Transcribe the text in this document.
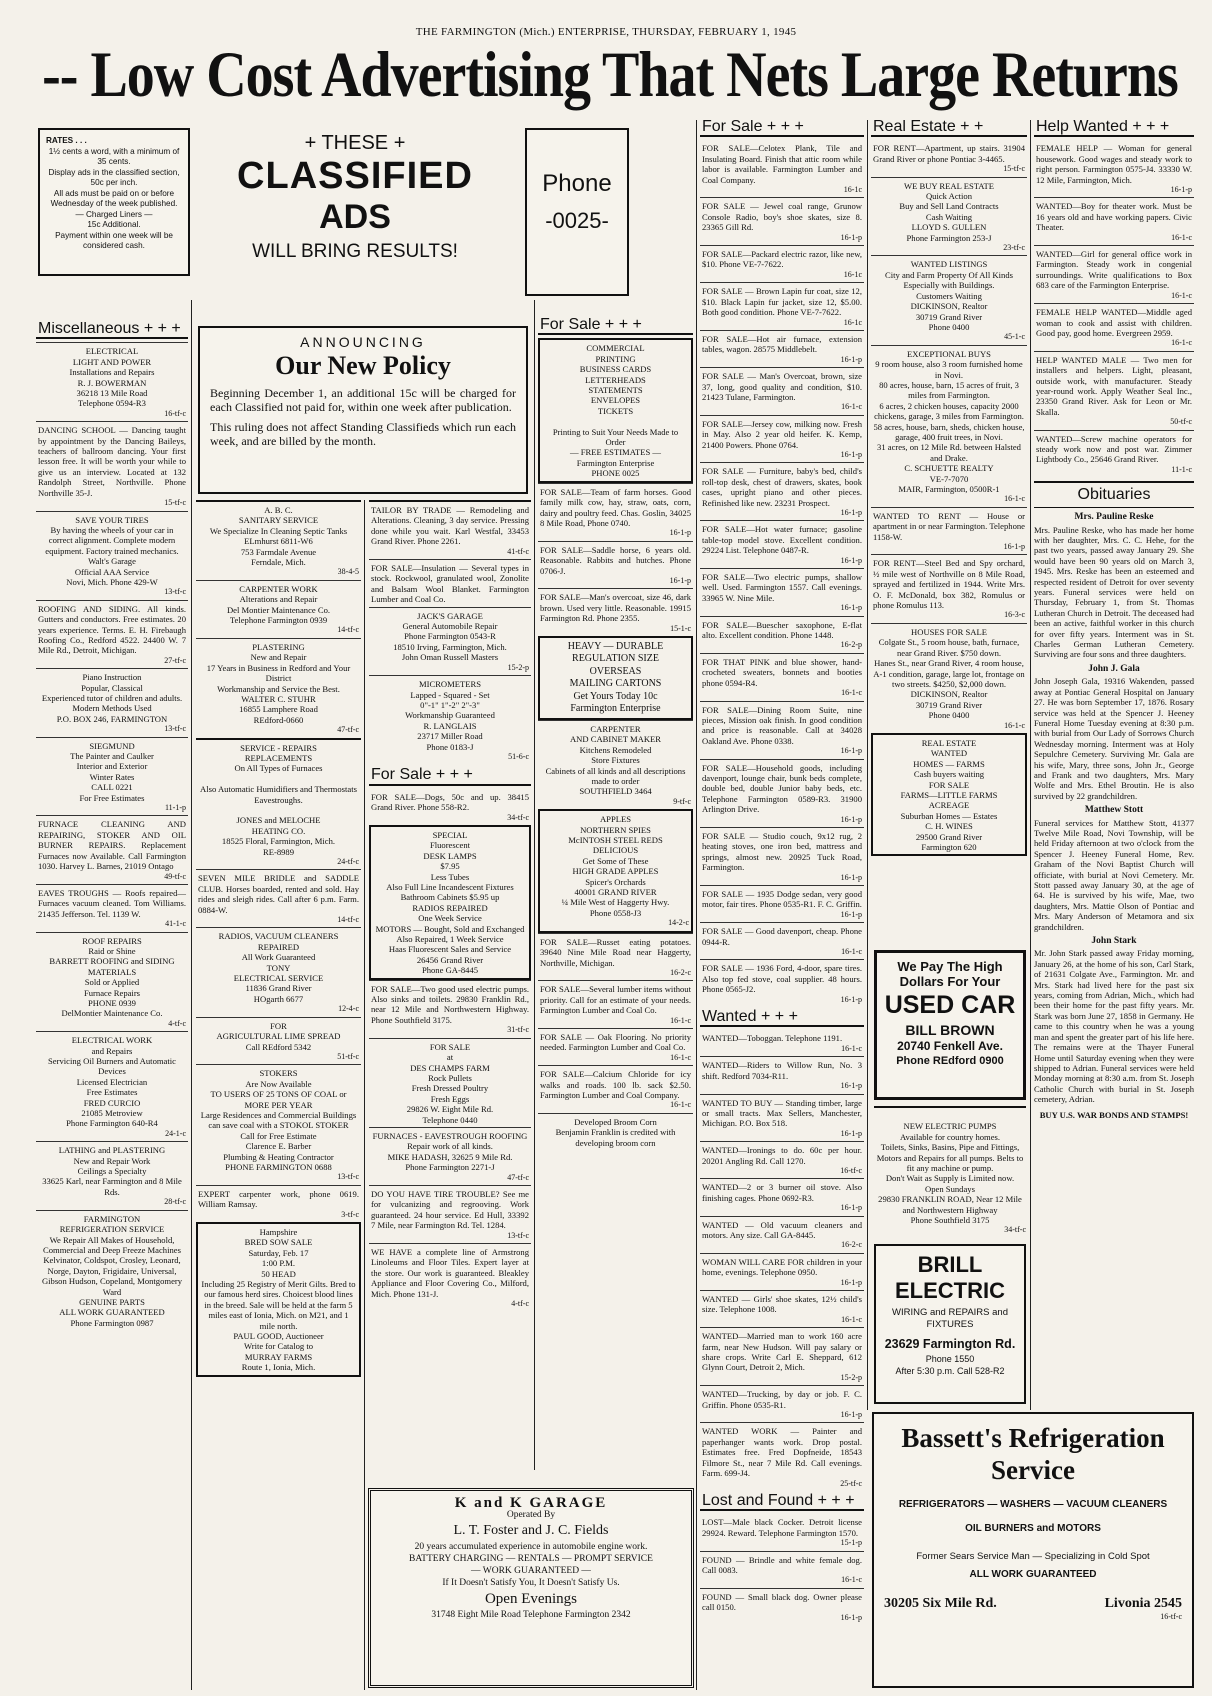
THE FARMINGTON (Mich.) ENTERPRISE, THURSDAY, FEBRUARY 1, 1945
-- Low Cost Advertising That Nets Large Returns
RATES . . .
1½ cents a word, with a minimum of 35 cents.
Display ads in the classified section, 50c per inch.
All ads must be paid on or before Wednesday of the week published.
— Charged Liners —
15c Additional.
Payment within one week will be considered cash.
+ THESE +
CLASSIFIED
ADS
WILL BRING RESULTS!
Phone
-0025-
Miscellaneous + + +
ELECTRICAL
LIGHT AND POWER
Installations and Repairs
R. J. BOWERMAN
36218 13 Mile Road
Telephone 0594-R3
16-tf-c
DANCING SCHOOL — Dancing taught by appointment by the Dancing Baileys, teachers of ballroom dancing. Your first lesson free. It will be worth your while to give us an interview. Located at 132 Randolph Street, Northville. Phone Northville 35-J.
15-tf-c
SAVE YOUR TIRES
By having the wheels of your car in correct alignment. Complete modern equipment. Factory trained mechanics.
Walt's Garage
Official AAA Service
Novi, Mich. Phone 429-W
13-tf-c
ROOFING AND SIDING. All kinds. Gutters and conductors. Free estimates. 20 years experience. Terms. E. H. Firebaugh Roofing Co., Redford 4522. 24400 W. 7 Mile Rd., Detroit, Michigan.
27-tf-c
Piano Instruction
Popular, Classical
Experienced tutor of children and adults.
Modern Methods Used
P.O. BOX 246, FARMINGTON
13-tf-c
SIEGMUND
The Painter and Caulker
Interior and Exterior
Winter Rates
CALL 0221
For Free Estimates
11-1-p
FURNACE CLEANING AND REPAIRING, STOKER AND OIL BURNER REPAIRS. Replacement Furnaces now Available. Call Farmington 1030. Harvey L. Barnes, 21019 Ontago
49-tf-c
EAVES TROUGHS — Roofs repaired—Furnaces vacuum cleaned. Tom Williams. 21435 Jefferson. Tel. 1139 W.
41-1-c
ROOF REPAIRS
Raid or Shine
BARRETT ROOFING and SIDING MATERIALS
Sold or Applied
Furnace Repairs
PHONE 0939
DelMontier Maintenance Co.
4-tf-c
ELECTRICAL WORK
and Repairs
Servicing Oil Burners and Automatic Devices
Licensed Electrician
Free Estimates
FRED CURCIO
21085 Metroview
Phone Farmington 640-R4
24-1-c
LATHING and PLASTERING
New and Repair Work
Ceilings a Specialty
33625 Karl, near Farmington and 8 Mile Rds.
28-tf-c
FARMINGTON
REFRIGERATION SERVICE
We Repair All Makes of Household, Commercial and Deep Freeze Machines
Kelvinator, Coldspot, Crosley, Leonard, Norge, Dayton, Frigidaire, Universal, Gibson Hudson, Copeland, Montgomery Ward
GENUINE PARTS
ALL WORK GUARANTEED
Phone Farmington 0987
ANNOUNCING
Our New Policy
Beginning December 1, an additional 15c will be charged for each Classified not paid for, within one week after publication.
This ruling does not affect Standing Classifieds which run each week, and are billed by the month.
A. B. C.
SANITARY SERVICE
We Specialize In Cleaning Septic Tanks
ELmhurst 6811-W6
753 Farmdale Avenue
Ferndale, Mich.
38-4-5
CARPENTER WORK
Alterations and Repair
Del Montier Maintenance Co.
Telephone Farmington 0939
14-tf-c
PLASTERING
New and Repair
17 Years in Business in Redford and Your District
Workmanship and Service the Best.
WALTER C. STUHR
16855 Lamphere Road
REdford-0660
47-tf-c
SERVICE - REPAIRS
REPLACEMENTS
On All Types of Furnaces

Also Automatic Humidifiers and Thermostats
Eavestroughs.

JONES and MELOCHE
HEATING CO.
18525 Floral, Farmington, Mich.
RE-8989
24-tf-c
SEVEN MILE BRIDLE and SADDLE CLUB. Horses boarded, rented and sold. Hay rides and sleigh rides. Call after 6 p.m. Farm. 0884-W.
14-tf-c
RADIOS, VACUUM CLEANERS REPAIRED
All Work Guaranteed
TONY
ELECTRICAL SERVICE
11836 Grand River
HOgarth 6677
12-4-c
FOR
AGRICULTURAL LIME SPREAD
Call REdford 5342
51-tf-c
STOKERS
Are Now Available
TO USERS OF 25 TONS OF COAL or MORE PER YEAR
Large Residences and Commercial Buildings can save coal with a STOKOL STOKER
Call for Free Estimate
Clarence E. Barber
Plumbing & Heating Contractor
PHONE FARMINGTON 0688
13-tf-c
EXPERT carpenter work, phone 0619. William Ramsay.
3-tf-c
Hampshire
BRED SOW SALE
Saturday, Feb. 17
1:00 P.M.
50 HEAD
Including 25 Registry of Merit Gilts. Bred to our famous herd sires. Choicest blood lines in the breed. Sale will be held at the farm 5 miles east of Ionia, Mich. on M21, and 1 mile north.
PAUL GOOD, Auctioneer
Write for Catalog to
MURRAY FARMS
Route 1, Ionia, Mich.
TAILOR BY TRADE — Remodeling and Alterations. Cleaning, 3 day service. Pressing done while you wait. Karl Westfal, 33453 Grand River. Phone 2261.
41-tf-c
FOR SALE—Insulation — Several types in stock. Rockwool, granulated wool, Zonolite and Balsam Wool Blanket. Farmington Lumber and Coal Co.
JACK'S GARAGE
General Automobile Repair
Phone Farmington 0543-R
18510 Irving, Farmington, Mich.
John Oman Russell Masters
15-2-p
MICROMETERS
Lapped - Squared - Set
0"-1" 1"-2" 2"-3"
Workmanship Guaranteed
R. LANGLAIS
23717 Miller Road
Phone 0183-J
51-6-c
For Sale + + +
FOR SALE—Dogs, 50c and up. 38415 Grand River. Phone 558-R2.
34-tf-c
SPECIAL
Fluorescent
DESK LAMPS
$7.95
Less Tubes
Also Full Line Incandescent Fixtures
Bathroom Cabinets $5.95 up
RADIOS REPAIRED
One Week Service
MOTORS — Bought, Sold and Exchanged
Also Repaired, 1 Week Service
Haas Fluorescent Sales and Service
26456 Grand River
Phone GA-8445
FOR SALE—Two good used electric pumps. Also sinks and toilets. 29830 Franklin Rd., near 12 Mile and Northwestern Highway. Phone Southfield 3175.
31-tf-c
FOR SALE
at
DES CHAMPS FARM
Rock Pullets
Fresh Dressed Poultry
Fresh Eggs
29826 W. Eight Mile Rd.
Telephone 0440
FURNACES - EAVESTROUGH ROOFING
Repair work of all kinds.
MIKE HADASH, 32625 9 Mile Rd.
Phone Farmington 2271-J
47-tf-c
DO YOU HAVE TIRE TROUBLE? See me for vulcanizing and regrooving. Work guaranteed. 24 hour service. Ed Hull, 33392 7 Mile, near Farmington Rd. Tel. 1284.
13-tf-c
WE HAVE a complete line of Armstrong Linoleums and Floor Tiles. Expert layer at the store. Our work is guaranteed. Bleakley Appliance and Floor Covering Co., Milford, Mich. Phone 131-J.
4-tf-c
For Sale + + +
COMMERCIAL
PRINTING
BUSINESS CARDS
LETTERHEADS
STATEMENTS
ENVELOPES
TICKETS

Printing to Suit Your Needs Made to Order
— FREE ESTIMATES —
Farmington Enterprise
PHONE 0025
FOR SALE—Team of farm horses. Good family milk cow, hay, straw, oats, corn, dairy and poultry feed. Chas. Goslin, 34025 8 Mile Road, Phone 0740.
16-1-p
FOR SALE—Saddle horse, 6 years old. Reasonable. Rabbits and hutches. Phone 0706-J.
16-1-p
FOR SALE—Man's overcoat, size 46, dark brown. Used very little. Reasonable. 19915 Farmington Rd. Phone 2355.
15-1-c
HEAVY — DURABLE
REGULATION SIZE
OVERSEAS
MAILING CARTONS
Get Yours Today 10c
Farmington Enterprise
CARPENTER
AND CABINET MAKER
Kitchens Remodeled
Store Fixtures
Cabinets of all kinds and all descriptions made to order
SOUTHFIELD 3464
9-tf-c
APPLES
NORTHERN SPIES
McINTOSH STEEL REDS
DELICIOUS
Get Some of These
HIGH GRADE APPLES
Spicer's Orchards
40001 GRAND RIVER
¼ Mile West of Haggerty Hwy.
Phone 0558-J3
14-2-c
FOR SALE—Russet eating potatoes. 39640 Nine Mile Road near Haggerty, Northville, Michigan.
16-2-c
FOR SALE—Several lumber items without priority. Call for an estimate of your needs. Farmington Lumber and Coal Co.
16-1-c
FOR SALE — Oak Flooring. No priority needed. Farmington Lumber and Coal Co.
16-1-c
FOR SALE—Calcium Chloride for icy walks and roads. 100 lb. sack $2.50. Farmington Lumber and Coal Company.
16-1-c
Developed Broom Corn
Benjamin Franklin is credited with developing broom corn
K and K GARAGE
Operated By
L. T. Foster and J. C. Fields
20 years accumulated experience in automobile engine work.
BATTERY CHARGING — RENTALS — PROMPT SERVICE
— WORK GUARANTEED —
If It Doesn't Satisfy You, It Doesn't Satisfy Us.
Open Evenings
31748 Eight Mile Road Telephone Farmington 2342
For Sale + + +
FOR SALE—Celotex Plank, Tile and Insulating Board. Finish that attic room while labor is available. Farmington Lumber and Coal Company.
16-1c
FOR SALE — Jewel coal range, Grunow Console Radio, boy's shoe skates, size 8. 23365 Gill Rd.
16-1-p
FOR SALE—Packard electric razor, like new, $10. Phone VE-7-7622.
16-1c
FOR SALE — Brown Lapin fur coat, size 12, $10. Black Lapin fur jacket, size 12, $5.00. Both good condition. Phone VE-7-7622.
16-1c
FOR SALE—Hot air furnace, extension tables, wagon. 28575 Middlebelt.
16-1-p
FOR SALE — Man's Overcoat, brown, size 37, long, good quality and condition, $10. 21423 Tulane, Farmington.
16-1-c
FOR SALE—Jersey cow, milking now. Fresh in May. Also 2 year old heifer. K. Kemp, 21400 Powers. Phone 0764.
16-1-p
FOR SALE — Furniture, baby's bed, child's roll-top desk, chest of drawers, skates, book cases, upright piano and other pieces. Refinished like new. 23231 Prospect.
16-1-p
FOR SALE—Hot water furnace; gasoline table-top model stove. Excellent condition. 29224 List. Telephone 0487-R.
16-1-p
FOR SALE—Two electric pumps, shallow well. Used. Farmington 1557. Call evenings. 33965 W. Nine Mile.
16-1-p
FOR SALE—Buescher saxophone, E-flat alto. Excellent condition. Phone 1448.
16-2-p
FOR THAT PINK and blue shower, hand-crocheted sweaters, bonnets and booties phone 0594-R4.
16-1-c
FOR SALE—Dining Room Suite, nine pieces, Mission oak finish. In good condition and price is reasonable. Call at 34028 Oakland Ave. Phone 0338.
16-1-p
FOR SALE—Household goods, including davenport, lounge chair, bunk beds complete, double bed, double Junior baby beds, etc. Telephone Farmington 0589-R3. 31900 Arlington Drive.
16-1-p
FOR SALE — Studio couch, 9x12 rug, 2 heating stoves, one iron bed, mattress and springs, almost new. 20925 Tuck Road, Farmington.
16-1-p
FOR SALE — 1935 Dodge sedan, very good motor, fair tires. Phone 0535-R1. F. C. Griffin.
16-1-p
FOR SALE — Good davenport, cheap. Phone 0944-R.
16-1-c
FOR SALE — 1936 Ford, 4-door, spare tires. Also top fed stove, coal supplier. 48 hours. Phone 0565-J2.
16-1-p
Wanted + + +
WANTED—Toboggan. Telephone 1191.
16-1-c
WANTED—Riders to Willow Run, No. 3 shift. Redford 7034-R11.
16-1-p
WANTED TO BUY — Standing timber, large or small tracts. Max Sellers, Manchester, Michigan. P.O. Box 518.
16-1-p
WANTED—Ironings to do. 60c per hour. 20201 Angling Rd. Call 1270.
16-tf-c
WANTED—2 or 3 burner oil stove. Also finishing cages. Phone 0692-R3.
16-1-p
WANTED — Old vacuum cleaners and motors. Any size. Call GA-8445.
16-2-c
WOMAN WILL CARE FOR children in your home, evenings. Telephone 0950.
16-1-p
WANTED — Girls' shoe skates, 12½ child's size. Telephone 1008.
16-1-c
WANTED—Married man to work 160 acre farm, near New Hudson. Will pay salary or share crops. Write Carl E. Sheppard, 612 Glynn Court, Detroit 2, Mich.
15-2-p
WANTED—Trucking, by day or job. F. C. Griffin. Phone 0535-R1.
16-1-p
WANTED WORK — Painter and paperhanger wants work. Drop postal. Estimates free. Fred Dopfneide, 18543 Filmore St., near 7 Mile Rd. Call evenings. Farm. 699-J4.
25-tf-c
Lost and Found + + +
LOST—Male black Cocker. Detroit license 29924. Reward. Telephone Farmington 1570.
15-1-p
FOUND — Brindle and white female dog. Call 0083.
16-1-c
FOUND — Small black dog. Owner please call 0150.
16-1-p
Real Estate + +
FOR RENT—Apartment, up stairs. 31904 Grand River or phone Pontiac 3-4465.
15-tf-c
WE BUY REAL ESTATE
Quick Action
Buy and Sell Land Contracts
Cash Waiting
LLOYD S. GULLEN
Phone Farmington 253-J
23-tf-c
WANTED LISTINGS
City and Farm Property Of All Kinds
Especially with Buildings.
Customers Waiting
DICKINSON, Realtor
30719 Grand River
Phone 0400
45-1-c
EXCEPTIONAL BUYS
9 room house, also 3 room furnished home in Novi.
80 acres, house, barn, 15 acres of fruit, 3 miles from Farmington.
6 acres, 2 chicken houses, capacity 2000 chickens, garage, 3 miles from Farmington.
58 acres, house, barn, sheds, chicken house, garage, 400 fruit trees, in Novi.
31 acres, on 12 Mile Rd. between Halsted and Drake.
C. SCHUETTE REALTY
VE-7-7070
MAIR, Farmington, 0500R-1
16-1-c
WANTED TO RENT — House or apartment in or near Farmington. Telephone 1158-W.
16-1-p
FOR RENT—Steel Bed and Spy orchard, ½ mile west of Northville on 8 Mile Road, sprayed and fertilized in 1944. Write Mrs. O. F. McDonald, box 382, Romulus or phone Romulus 113.
16-3-c
HOUSES FOR SALE
Colgate St., 5 room house, bath, furnace, near Grand River. $750 down.
Hanes St., near Grand River, 4 room house, A-1 condition, garage, large lot, frontage on two streets. $4250, $2,000 down.
DICKINSON, Realtor
30719 Grand River
Phone 0400
16-1-c
REAL ESTATE
WANTED
HOMES — FARMS
Cash buyers waiting
FOR SALE
FARMS—LITTLE FARMS
ACREAGE
Suburban Homes — Estates
C. H. WINES
29500 Grand River
Farmington 620
We Pay The High Dollars For Your
USED CAR
BILL BROWN
20740 Fenkell Ave.
Phone REdford 0900

NEW ELECTRIC PUMPS
Available for country homes.
Toilets, Sinks, Basins, Pipe and Fittings, Motors and Repairs for all pumps. Belts to fit any machine or pump.
Don't Wait as Supply is Limited now.
Open Sundays
29830 FRANKLIN ROAD, Near 12 Mile and Northwestern Highway
Phone Southfield 3175
34-tf-c

BRILL
ELECTRIC
WIRING and REPAIRS and FIXTURES
23629 Farmington Rd.
Phone 1550
After 5:30 p.m. Call 528-R2
Help Wanted + + +
FEMALE HELP — Woman for general housework. Good wages and steady work to right person. Farmington 0575-J4. 33330 W. 12 Mile, Farmington, Mich.
16-1-p
WANTED—Boy for theater work. Must be 16 years old and have working papers. Civic Theater.
16-1-c
WANTED—Girl for general office work in Farmington. Steady work in congenial surroundings. Write qualifications to Box 683 care of the Farmington Enterprise.
16-1-c
FEMALE HELP WANTED—Middle aged woman to cook and assist with children. Good pay, good home. Evergreen 2959.
16-1-c
HELP WANTED MALE — Two men for installers and helpers. Light, pleasant, outside work, with manufacturer. Steady year-round work. Apply Weather Seal Inc., 23350 Grand River. Ask for Leon or Mr. Skalla.
50-tf-c
WANTED—Screw machine operators for steady work now and post war. Zimmer Lightbody Co., 25646 Grand River.
11-1-c
Obituaries
Mrs. Pauline Reske
Mrs. Pauline Reske, who has made her home with her daughter, Mrs. C. C. Hehe, for the past two years, passed away January 29. She would have been 90 years old on March 3, 1945. Mrs. Reske has been an esteemed and respected resident of Detroit for over seventy years. Funeral services were held on Thursday, February 1, from St. Thomas Lutheran Church in Detroit. The deceased had been an active, faithful worker in this church for over fifty years. Interment was in St. Charles German Lutheran Cemetery. Surviving are four sons and three daughters.
John J. Gala
John Joseph Gala, 19316 Wakenden, passed away at Pontiac General Hospital on January 27. He was born September 17, 1876. Rosary service was held at the Spencer J. Heeney Funeral Home Tuesday evening at 8:30 p.m. with burial from Our Lady of Sorrows Church Wednesday morning. Interment was at Holy Sepulchre Cemetery. Surviving Mr. Gala are his wife, Mary, three sons, John Jr., George and Frank and two daughters, Mrs. Mary Wolfe and Mrs. Ethel Broutin. He is also survived by 22 grandchildren.
Matthew Stott
Funeral services for Matthew Stott, 41377 Twelve Mile Road, Novi Township, will be held Friday afternoon at two o'clock from the Spencer J. Heeney Funeral Home, Rev. Graham of the Novi Baptist Church will officiate, with burial at Novi Cemetery. Mr. Stott passed away January 30, at the age of 64. He is survived by his wife, Mae, two daughters, Mrs. Mattie Olson of Pontiac and Mrs. Mary Anderson of Metamora and six grandchildren.
John Stark
Mr. John Stark passed away Friday morning, January 26, at the home of his son, Carl Stark, of 21631 Colgate Ave., Farmington. Mr. and Mrs. Stark had lived here for the past six years, coming from Adrian, Mich., which had been their home for the past fifty years. Mr. Stark was born June 27, 1858 in Germany. He came to this country when he was a young man and spent the greater part of his life here. The remains were at the Thayer Funeral Home until Saturday evening when they were shipped to Adrian. Funeral services were held Monday morning at 8:30 a.m. from St. Joseph Catholic Church with burial in St. Joseph cemetery, Adrian.
BUY U.S. WAR BONDS AND STAMPS!
Bassett's Refrigeration Service
REFRIGERATORS — WASHERS — VACUUM CLEANERS
OIL BURNERS and MOTORS
Former Sears Service Man — Specializing in Cold Spot
ALL WORK GUARANTEED
30205 Six Mile Rd.	Livonia 2545
16-tf-c
